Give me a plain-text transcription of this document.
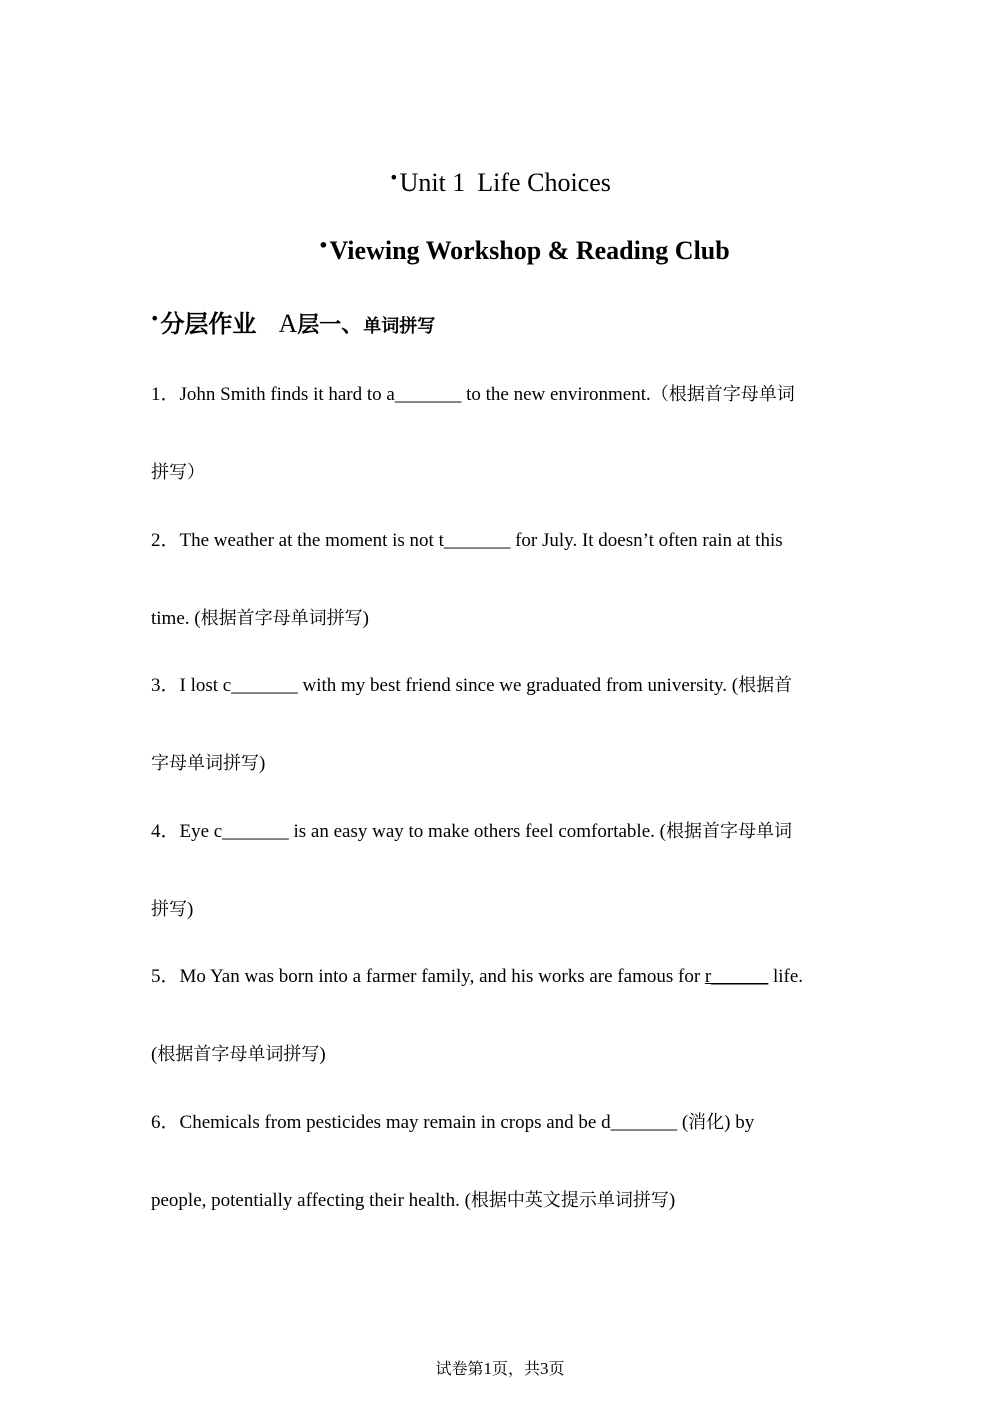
•Unit 1 Life Choices
•Viewing Workshop & Reading Club
•分层作业 A层一、单词拼写
1．John Smith finds it hard to a_______ to the new environment.（根据首字母单词
拼写）
2．The weather at the moment is not t_______ for July. It doesn’t often rain at this
time. (根据首字母单词拼写)
3．I lost c_______ with my best friend since we graduated from university. (根据首
字母单词拼写)
4．Eye c_______ is an easy way to make others feel comfortable. (根据首字母单词
拼写)
5．Mo Yan was born into a farmer family, and his works are famous for r______ life.
(根据首字母单词拼写)
6．Chemicals from pesticides may remain in crops and be d_______ (消化) by
people, potentially affecting their health. (根据中英文提示单词拼写)
试卷第1页，共3页
